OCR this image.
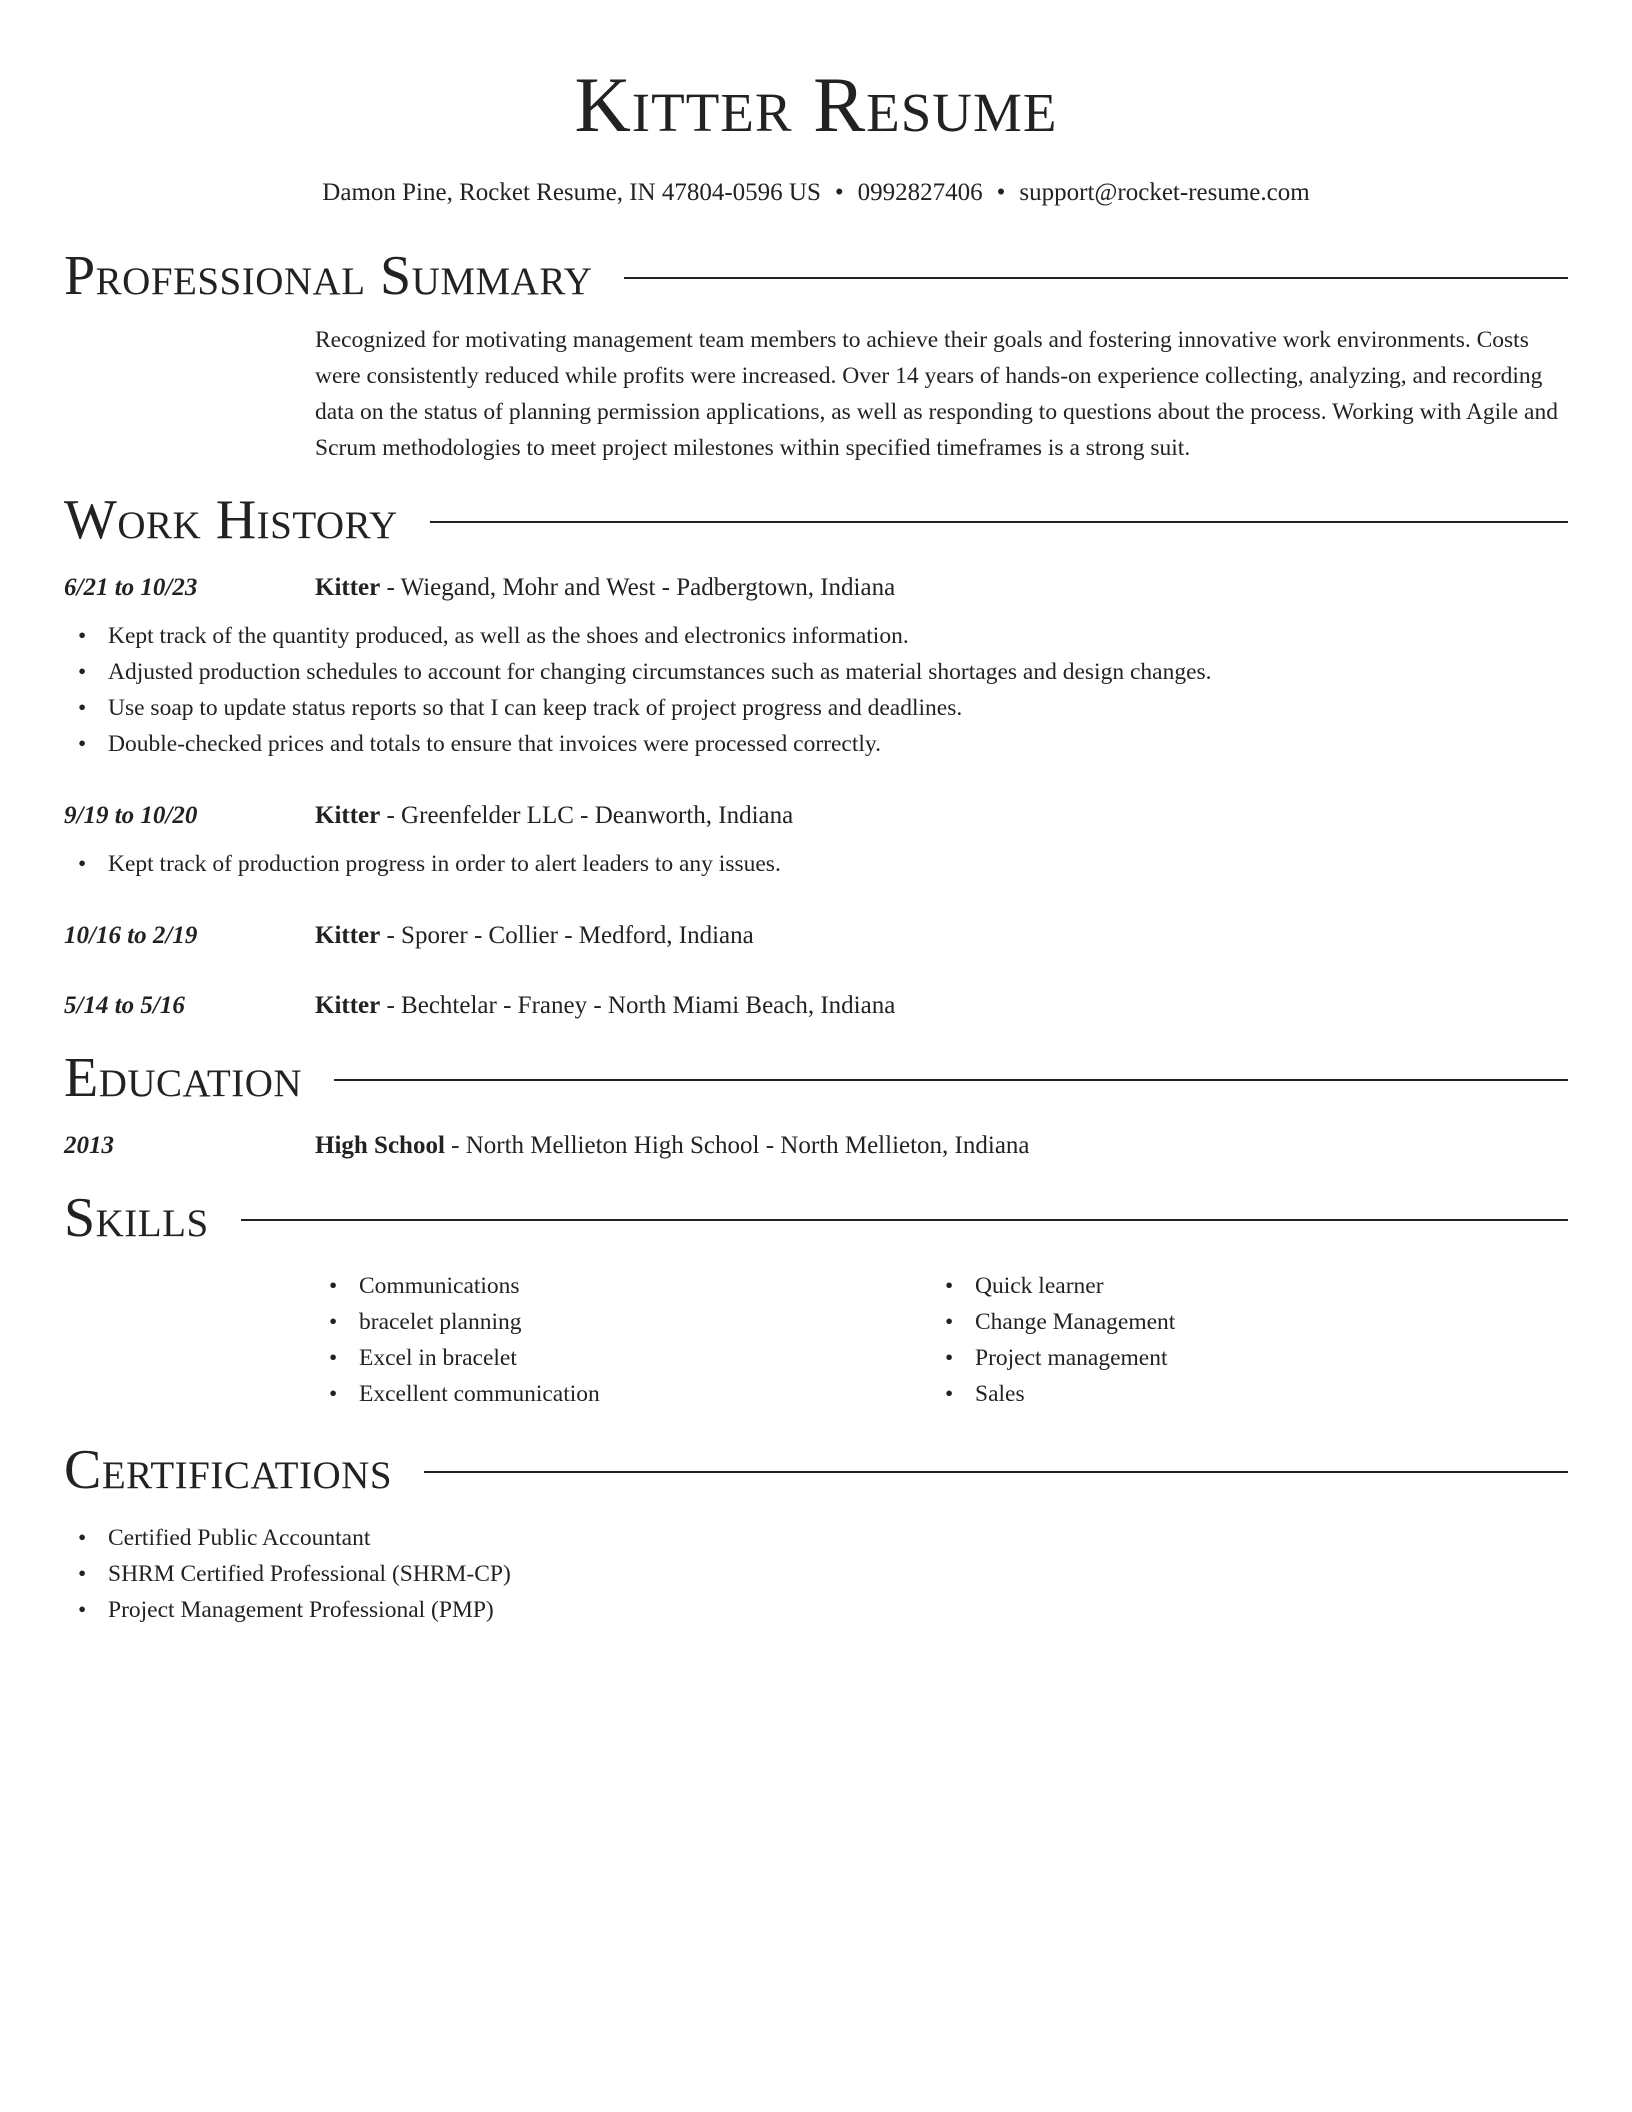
Kitter Resume
Damon Pine, Rocket Resume, IN 47804-0596 US • 0992827406 • support@rocket-resume.com
Professional Summary

Recognized for motivating management team members to achieve their goals and fostering innovative work environments. Costs were consistently reduced while profits were increased. Over 14 years of hands-on experience collecting, analyzing, and recording data on the status of planning permission applications, as well as responding to questions about the process. Working with Agile and Scrum methodologies to meet project milestones within specified timeframes is a strong suit.

Work History
6/21 to 10/23	Kitter - Wiegand, Mohr and West - Padbergtown, Indiana
• Kept track of the quantity produced, as well as the shoes and electronics information.
• Adjusted production schedules to account for changing circumstances such as material shortages and design changes.
• Use soap to update status reports so that I can keep track of project progress and deadlines.
• Double-checked prices and totals to ensure that invoices were processed correctly.
9/19 to 10/20	Kitter - Greenfelder LLC - Deanworth, Indiana
• Kept track of production progress in order to alert leaders to any issues.
10/16 to 2/19	Kitter - Sporer - Collier - Medford, Indiana
5/14 to 5/16	Kitter - Bechtelar - Franey - North Miami Beach, Indiana
Education
2013	High School - North Mellieton High School - North Mellieton, Indiana
Skills
• Communications
• bracelet planning
• Excel in bracelet
• Excellent communication
• Quick learner
• Change Management
• Project management
• Sales
Certifications
• Certified Public Accountant
• SHRM Certified Professional (SHRM-CP)
• Project Management Professional (PMP)
